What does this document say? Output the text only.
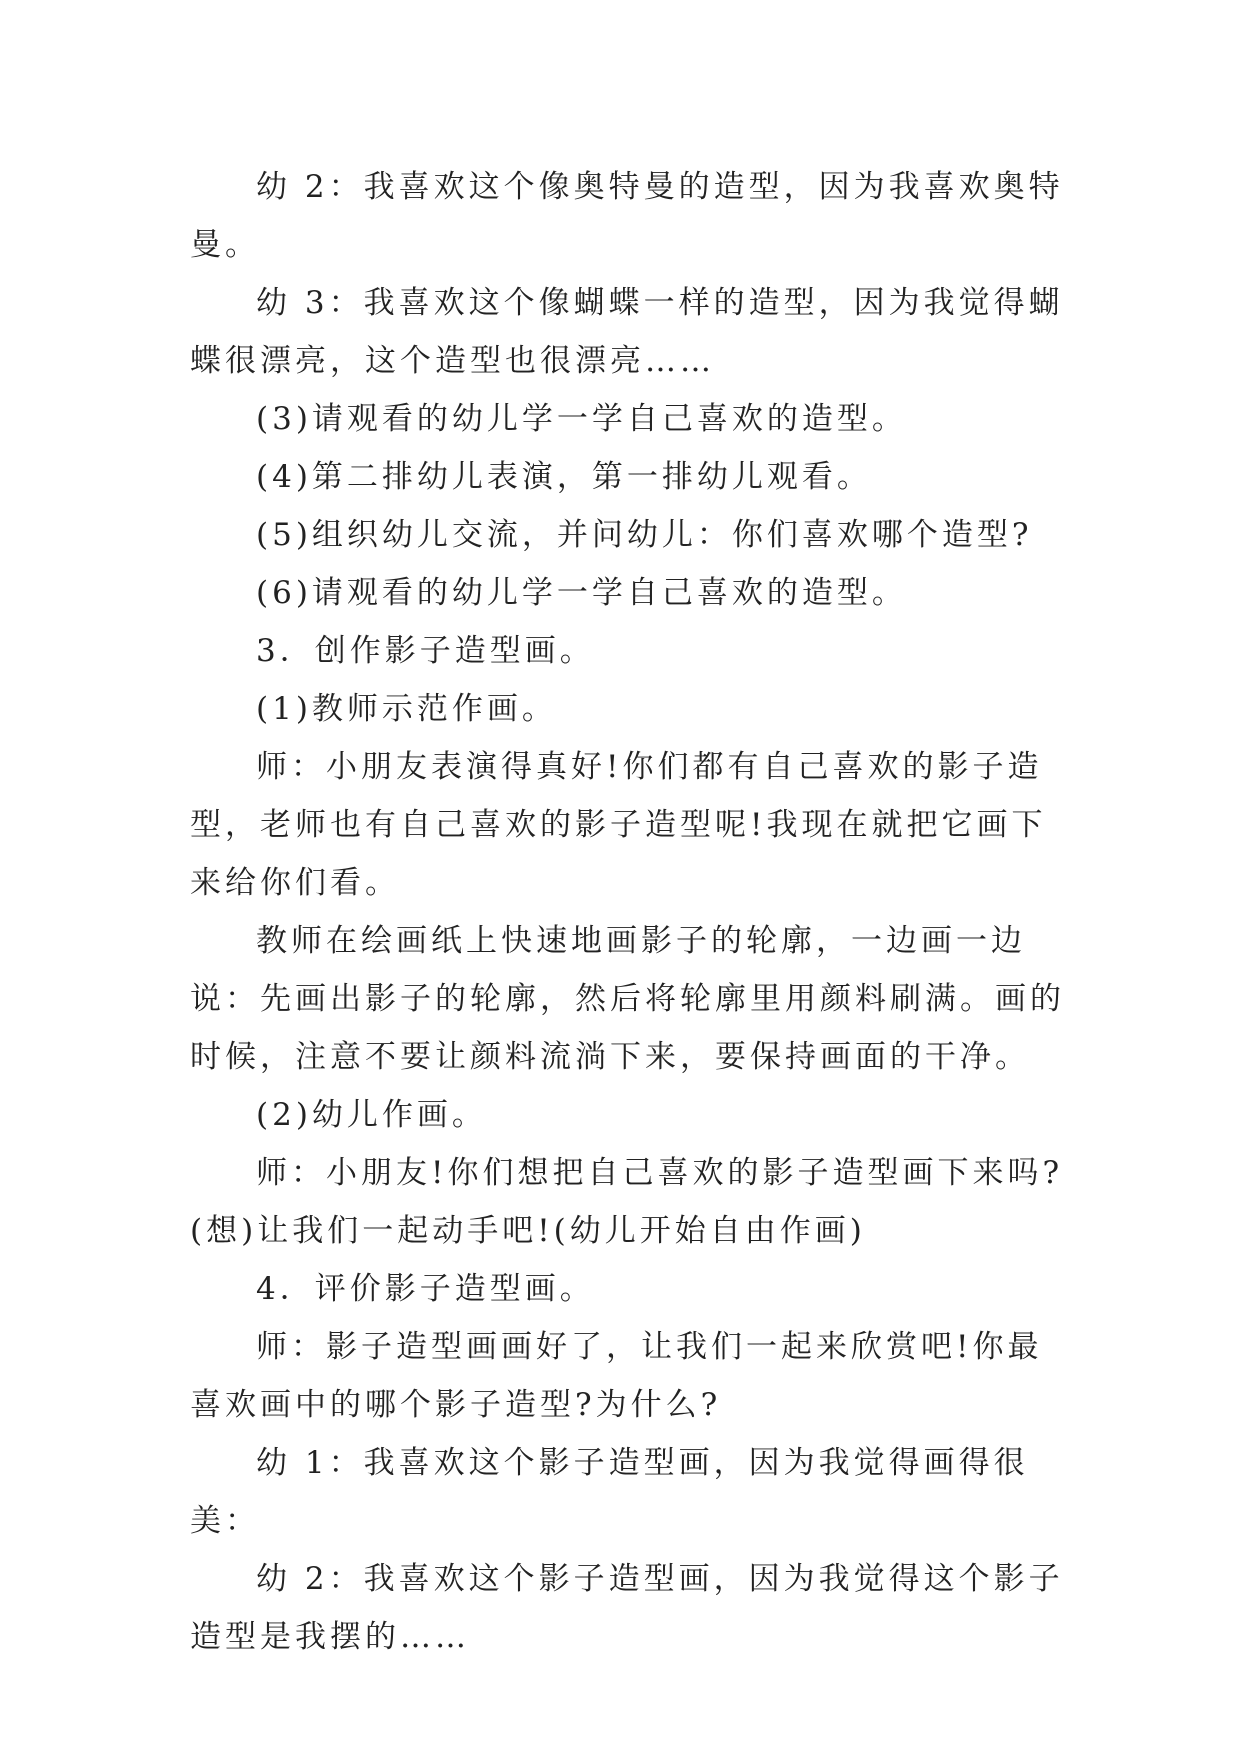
幼 2：我喜欢这个像奥特曼的造型，因为我喜欢奥特曼。

幼 3：我喜欢这个像蝴蝶一样的造型，因为我觉得蝴蝶很漂亮，这个造型也很漂亮……

(3)请观看的幼儿学一学自己喜欢的造型。

(4)第二排幼儿表演，第一排幼儿观看。

(5)组织幼儿交流，并问幼儿：你们喜欢哪个造型?

(6)请观看的幼儿学一学自己喜欢的造型。

3．创作影子造型画。

(1)教师示范作画。

师：小朋友表演得真好!你们都有自己喜欢的影子造型，老师也有自己喜欢的影子造型呢!我现在就把它画下来给你们看。

教师在绘画纸上快速地画影子的轮廓，一边画一边说：先画出影子的轮廓，然后将轮廓里用颜料刷满。画的时候，注意不要让颜料流淌下来，要保持画面的干净。

(2)幼儿作画。

师：小朋友!你们想把自己喜欢的影子造型画下来吗?(想)让我们一起动手吧!(幼儿开始自由作画)

4．评价影子造型画。

师：影子造型画画好了，让我们一起来欣赏吧!你最喜欢画中的哪个影子造型?为什么?

幼 1：我喜欢这个影子造型画，因为我觉得画得很美：

幼 2：我喜欢这个影子造型画，因为我觉得这个影子造型是我摆的……
